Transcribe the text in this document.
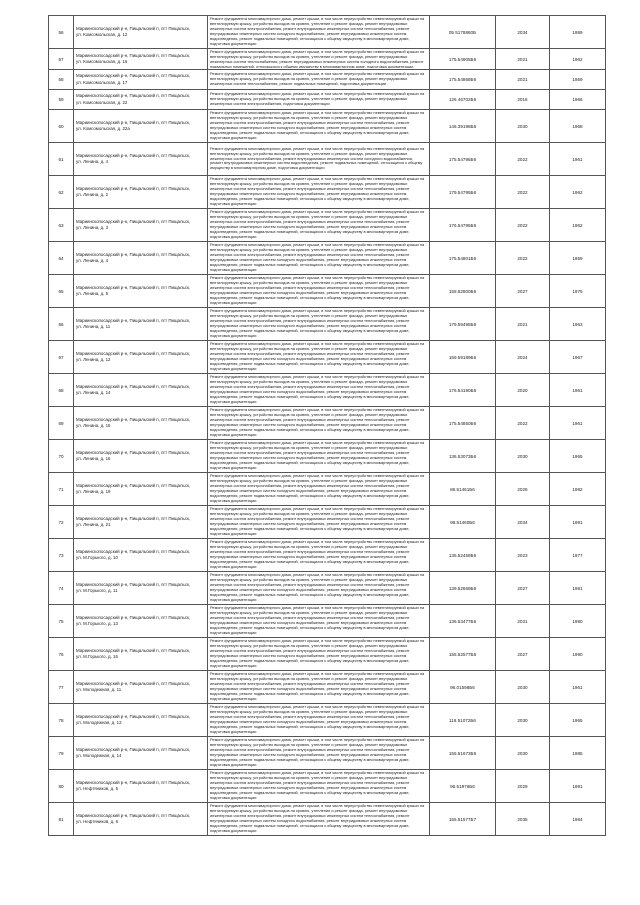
56	Мариинскопосадский р-н, Пищальский п, пгт Пищальск,
ул. Комсомольская, д. 12	Ремонт фундамента многоквартирного дома, ремонт крыши, в том числе переустройство невентилируемой крыши на вентилируемую крышу, устройство выходов на кровлю, утепление и ремонт фасада, ремонт внутридомовых инженерных систем электроснабжения, ремонт внутридомовых инженерных систем теплоснабжения, ремонт внутридомовых инженерных систем холодного водоснабжения, ремонт внутридомовых инженерных систем водоотведения, ремонт подвальных помещений, относящихся к общему имуществу в многоквартирном доме, подготовка документации	05 5178860Б	2034	1989
57	Мариинскопосадский р-н, Пищальский п, пгт Пищальск,
ул. Комсомольская, д. 16	Ремонт фундамента многоквартирного дома, ремонт крыши, в том числе переустройство невентилируемой крыши на вентилируемую крышу, устройство выходов на кровлю, утепление и ремонт фасада, ремонт внутридомовых инженерных систем теплоснабжения, ремонт внутридомовых инженерных систем холодного водоснабжения, ремонт подвальных помещений, относящихся к общему имуществу в многоквартирном доме, подготовка документации	175.54905Б6	2021	1962
58	Мариинскопосадский р-н, Пищальский п, пгт Пищальск,
ул. Комсомольская, д. 17	Ремонт фундамента многоквартирного дома, ремонт крыши, в том числе переустройство невентилируемой крыши на вентилируемую крышу, устройство выходов на кровлю, утепление и ремонт фасада, ремонт внутридомовых инженерных систем теплоснабжения, ремонт подвальных помещений, подготовка документации	175.54868Б6	2021	1959
59	Мариинскопосадский р-н, Пищальский п, пгт Пищальск,
ул. Комсомольская, д. 22	Ремонт фундамента многоквартирного дома, ремонт крыши, в том числе переустройство невентилируемой крыши на вентилируемую крышу, устройство выходов на кровлю, утепление и ремонт фасада, ремонт внутридомовых инженерных систем электроснабжения, подготовка документации	126 46702Б6	2016	1966
60	Мариинскопосадский р-н, Пищальский п, пгт Пищальск,
ул. Комсомольская, д. 22а	Ремонт фундамента многоквартирного дома, ремонт крыши, в том числе переустройство невентилируемой крыши на вентилируемую крышу, устройство выходов на кровлю, утепление и ремонт фасада, ремонт внутридомовых инженерных систем электроснабжения, ремонт внутридомовых инженерных систем теплоснабжения, ремонт внутридомовых инженерных систем холодного водоснабжения, ремонт внутридомовых инженерных систем водоотведения, ремонт подвальных помещений, относящихся к общему имуществу в многоквартирном доме, подготовка документации	146.39198Б6	2030	1968
61	Мариинскопосадский р-н, Пищальский п, пгт Пищальск,
ул. Ленина, д. 4	Ремонт фундамента многоквартирного дома, ремонт крыши, в том числе переустройство невентилируемой крыши на вентилируемую крышу, устройство выходов на кровлю, утепление и ремонт фасада, ремонт внутридомовых инженерных систем электроснабжения, ремонт внутридомовых инженерных систем холодного водоснабжения, ремонт внутридомовых инженерных систем водоотведения, ремонт подвальных помещений, относящихся к общему имуществу в многоквартирном доме, подготовка документации	175.54795Б6	2022	1961
62	Мариинскопосадский р-н, Пищальский п, пгт Пищальск,
ул. Ленина, д. 2	Ремонт фундамента многоквартирного дома, ремонт крыши, в том числе переустройство невентилируемой крыши на вентилируемую крышу, устройство выходов на кровлю, утепление и ремонт фасада, ремонт внутридомовых инженерных систем электроснабжения, ремонт внутридомовых инженерных систем теплоснабжения, ремонт внутридомовых инженерных систем холодного водоснабжения, ремонт внутридомовых инженерных систем водоотведения, ремонт подвальных помещений, относящихся к общему имуществу в многоквартирном доме, подготовка документации	179.54795Б6	2022	1962
63	Мариинскопосадский р-н, Пищальский п, пгт Пищальск,
ул. Ленина, д. 3	Ремонт фундамента многоквартирного дома, ремонт крыши, в том числе переустройство невентилируемой крыши на вентилируемую крышу, устройство выходов на кровлю, утепление и ремонт фасада, ремонт внутридомовых инженерных систем электроснабжения, ремонт внутридомовых инженерных систем теплоснабжения, ремонт внутридомовых инженерных систем холодного водоснабжения, ремонт внутридомовых инженерных систем водоотведения, ремонт подвальных помещений, относящихся к общему имуществу в многоквартирном доме, подготовка документации	176.54795Б6	2022	1962
64	Мариинскопосадский р-н, Пищальский п, пгт Пищальск,
ул. Ленина, д. 4	Ремонт фундамента многоквартирного дома, ремонт крыши, в том числе переустройство невентилируемой крыши на вентилируемую крышу, устройство выходов на кровлю, утепление и ремонт фасада, ремонт внутридомовых инженерных систем электроснабжения, ремонт внутридомовых инженерных систем теплоснабжения, ремонт внутридомовых инженерных систем холодного водоснабжения, ремонт внутридомовых инженерных систем водоотведения, ремонт подвальных помещений, относящихся к общему имуществу в многоквартирном доме, подготовка документации	175.54801Б6	2022	1959
65	Мариинскопосадский р-н, Пищальский п, пгт Пищальск,
ул. Ленина, д. 5	Ремонт фундамента многоквартирного дома, ремонт крыши, в том числе переустройство невентилируемой крыши на вентилируемую крышу, устройство выходов на кровлю, утепление и ремонт фасада, ремонт внутридомовых инженерных систем электроснабжения, ремонт внутридомовых инженерных систем теплоснабжения, ремонт внутридомовых инженерных систем холодного водоснабжения, ремонт внутридомовых инженерных систем водоотведения, ремонт подвальных помещений, относящихся к общему имуществу в многоквартирном доме, подготовка документации	158.52800Б6	2027	1976
66	Мариинскопосадский р-н, Пищальский п, пгт Пищальск,
ул. Ленина, д. 11	Ремонт фундамента многоквартирного дома, ремонт крыши, в том числе переустройство невентилируемой крыши на вентилируемую крышу, устройство выходов на кровлю, утепление и ремонт фасада, ремонт внутридомовых инженерных систем электроснабжения, ремонт внутридомовых инженерных систем теплоснабжения, ремонт внутридомовых инженерных систем холодного водоснабжения, ремонт внутридомовых инженерных систем водоотведения, ремонт подвальных помещений, относящихся к общему имуществу в многоквартирном доме, подготовка документации	179.59495Б6	2021	1963
67	Мариинскопосадский р-н, Пищальский п, пгт Пищальск,
ул. Ленина, д. 12	Ремонт фундамента многоквартирного дома, ремонт крыши, в том числе переустройство невентилируемой крыши на вентилируемую крышу, устройство выходов на кровлю, утепление и ремонт фасада, ремонт внутридомовых инженерных систем электроснабжения, ремонт внутридомовых инженерных систем теплоснабжения, ремонт внутридомовых инженерных систем холодного водоснабжения, ремонт внутридомовых инженерных систем водоотведения, ремонт подвальных помещений, относящихся к общему имуществу в многоквартирном доме, подготовка документации	159.59189Б6	2024	1967
68	Мариинскопосадский р-н, Пищальский п, пгт Пищальск,
ул. Ленина, д. 14	Ремонт фундамента многоквартирного дома, ремонт крыши, в том числе переустройство невентилируемой крыши на вентилируемую крышу, устройство выходов на кровлю, утепление и ремонт фасада, ремонт внутридомовых инженерных систем электроснабжения, ремонт внутридомовых инженерных систем теплоснабжения, ремонт внутридомовых инженерных систем холодного водоснабжения, ремонт внутридомовых инженерных систем водоотведения, ремонт подвальных помещений, относящихся к общему имуществу в многоквартирном доме, подготовка документации	176.54190Б6	2020	1961
69	Мариинскопосадский р-н, Пищальский п, пгт Пищальск,
ул. Ленина, д. 15	Ремонт фундамента многоквартирного дома, ремонт крыши, в том числе переустройство невентилируемой крыши на вентилируемую крышу, устройство выходов на кровлю, утепление и ремонт фасада, ремонт внутридомовых инженерных систем электроснабжения, ремонт внутридомовых инженерных систем теплоснабжения, ремонт внутридомовых инженерных систем холодного водоснабжения, ремонт внутридомовых инженерных систем водоотведения, ремонт подвальных помещений, относящихся к общему имуществу в многоквартирном доме, подготовка документации	175.54850Б6	2022	1961
70	Мариинскопосадский р-н, Пищальский п, пгт Пищальск,
ул. Ленина, д. 16	Ремонт фундамента многоквартирного дома, ремонт крыши, в том числе переустройство невентилируемой крыши на вентилируемую крышу, устройство выходов на кровлю, утепление и ремонт фасада, ремонт внутридомовых инженерных систем электроснабжения, ремонт внутридомовых инженерных систем теплоснабжения, ремонт внутридомовых инженерных систем холодного водоснабжения, ремонт внутридомовых инженерных систем водоотведения, ремонт подвальных помещений, относящихся к общему имуществу в многоквартирном доме, подготовка документации	136.53073Б6	2030	1965
71	Мариинскопосадский р-н, Пищальский п, пгт Пищальск,
ул. Ленина, д. 19	Ремонт фундамента многоквартирного дома, ремонт крыши, в том числе переустройство невентилируемой крыши на вентилируемую крышу, устройство выходов на кровлю, утепление и ремонт фасада, ремонт внутридомовых инженерных систем электроснабжения, ремонт внутридомовых инженерных систем теплоснабжения, ремонт внутридомовых инженерных систем холодного водоснабжения, ремонт внутридомовых инженерных систем водоотведения, ремонт подвальных помещений, относящихся к общему имуществу в многоквартирном доме, подготовка документации	86.51461Б6	2026	1982
72	Мариинскопосадский р-н, Пищальский п, пгт Пищальск,
ул. Ленина, д. 21	Ремонт фундамента многоквартирного дома, ремонт крыши, в том числе переустройство невентилируемой крыши на вентилируемую крышу, устройство выходов на кровлю, утепление и ремонт фасада, ремонт внутридомовых инженерных систем электроснабжения, ремонт внутридомовых инженерных систем теплоснабжения, ремонт внутридомовых инженерных систем холодного водоснабжения, ремонт внутридомовых инженерных систем водоотведения, ремонт подвальных помещений, относящихся к общему имуществу в многоквартирном доме, подготовка документации	98.51460Б6	2034	1991
73	Мариинскопосадский р-н, Пищальский п, пгт Пищальск,
ул. М.Горького, д. 10	Ремонт фундамента многоквартирного дома, ремонт крыши, в том числе переустройство невентилируемой крыши на вентилируемую крышу, устройство выходов на кровлю, утепление и ремонт фасада, ремонт внутридомовых инженерных систем электроснабжения, ремонт внутридомовых инженерных систем теплоснабжения, ремонт внутридомовых инженерных систем холодного водоснабжения, ремонт внутридомовых инженерных систем водоотведения, ремонт подвальных помещений, относящихся к общему имуществу в многоквартирном доме, подготовка документации	135.52459Б6	2023	1977
74	Мариинскопосадский р-н, Пищальский п, пгт Пищальск,
ул. М.Горького, д. 11	Ремонт фундамента многоквартирного дома, ремонт крыши, в том числе переустройство невентилируемой крыши на вентилируемую крышу, устройство выходов на кровлю, утепление и ремонт фасада, ремонт внутридомовых инженерных систем электроснабжения, ремонт внутридомовых инженерных систем теплоснабжения, ремонт внутридомовых инженерных систем холодного водоснабжения, ремонт внутридомовых инженерных систем водоотведения, ремонт подвальных помещений, относящихся к общему имуществу в многоквартирном доме, подготовка документации	139.52669Б6	2027	1981
75	Мариинскопосадский р-н, Пищальский п, пгт Пищальск,
ул. М.Горького, д. 13	Ремонт фундамента многоквартирного дома, ремонт крыши, в том числе переустройство невентилируемой крыши на вентилируемую крышу, устройство выходов на кровлю, утепление и ремонт фасада, ремонт внутридомовых инженерных систем электроснабжения, ремонт внутридомовых инженерных систем теплоснабжения, ремонт внутридомовых инженерных систем холодного водоснабжения, ремонт внутридомовых инженерных систем водоотведения, ремонт подвальных помещений, относящихся к общему имуществу в многоквартирном доме, подготовка документации	136.53477Б6	2031	1980
76	Мариинскопосадский р-н, Пищальский п, пгт Пищальск,
ул. М.Горького, д. 16	Ремонт фундамента многоквартирного дома, ремонт крыши, в том числе переустройство невентилируемой крыши на вентилируемую крышу, устройство выходов на кровлю, утепление и ремонт фасада, ремонт внутридомовых инженерных систем электроснабжения, ремонт внутридомовых инженерных систем теплоснабжения, ремонт внутридомовых инженерных систем холодного водоснабжения, ремонт внутридомовых инженерных систем водоотведения, ремонт подвальных помещений, относящихся к общему имуществу в многоквартирном доме, подготовка документации	155.52577Б6	2027	1990
77	Мариинскопосадский р-н, Пищальский п, пгт Пищальск,
ул. Молодежная, д. 11	Ремонт фундамента многоквартирного дома, ремонт крыши, в том числе переустройство невентилируемой крыши на вентилируемую крышу, устройство выходов на кровлю, утепление и ремонт фасада, ремонт внутридомовых инженерных систем электроснабжения, ремонт внутридомовых инженерных систем теплоснабжения, ремонт внутридомовых инженерных систем холодного водоснабжения, ремонт внутридомовых инженерных систем водоотведения, ремонт подвальных помещений, относящихся к общему имуществу в многоквартирном доме, подготовка документации	96.01598Б6	2030	1961
78	Мариинскопосадский р-н, Пищальский п, пгт Пищальск,
ул. Молодежная, д. 12	Ремонт фундамента многоквартирного дома, ремонт крыши, в том числе переустройство невентилируемой крыши на вентилируемую крышу, устройство выходов на кровлю, утепление и ремонт фасада, ремонт внутридомовых инженерных систем электроснабжения, ремонт внутридомовых инженерных систем теплоснабжения, ремонт внутридомовых инженерных систем холодного водоснабжения, ремонт внутридомовых инженерных систем водоотведения, ремонт подвальных помещений, относящихся к общему имуществу в многоквартирном доме, подготовка документации	116.51072Б6	2030	1965
79	Мариинскопосадский р-н, Пищальский п, пгт Пищальск,
ул. Молодежная, д. 14	Ремонт фундамента многоквартирного дома, ремонт крыши, в том числе переустройство невентилируемой крыши на вентилируемую крышу, устройство выходов на кровлю, утепление и ремонт фасада, ремонт внутридомовых инженерных систем электроснабжения, ремонт внутридомовых инженерных систем теплоснабжения, ремонт внутридомовых инженерных систем холодного водоснабжения, ремонт внутридомовых инженерных систем водоотведения, ремонт подвальных помещений, относящихся к общему имуществу в многоквартирном доме, подготовка документации	155.51673Б6	2030	1985
80	Мариинскопосадский р-н, Пищальский п, пгт Пищальск,
ул. Нефтяников, д. 5	Ремонт фундамента многоквартирного дома, ремонт крыши, в том числе переустройство невентилируемой крыши на вентилируемую крышу, устройство выходов на кровлю, утепление и ремонт фасада, ремонт внутридомовых инженерных систем электроснабжения, ремонт внутридомовых инженерных систем теплоснабжения, ремонт внутридомовых инженерных систем холодного водоснабжения, ремонт внутридомовых инженерных систем водоотведения, ремонт подвальных помещений, относящихся к общему имуществу в многоквартирном доме, подготовка документации	96.51976Б6	2029	1991
81	Мариинскопосадский р-н, Пищальский п, пгт Пищальск,
ул. Нефтяников, д. 6	Ремонт фундамента многоквартирного дома, ремонт крыши, в том числе переустройство невентилируемой крыши на вентилируемую крышу, устройство выходов на кровлю, утепление и ремонт фасада, ремонт внутридомовых инженерных систем электроснабжения, ремонт внутридомовых инженерных систем теплоснабжения, ремонт внутридомовых инженерных систем холодного водоснабжения, ремонт внутридомовых инженерных систем водоотведения, ремонт подвальных помещений, относящихся к общему имуществу в многоквартирном доме, подготовка документации	155.51577Б7	2035	1984
